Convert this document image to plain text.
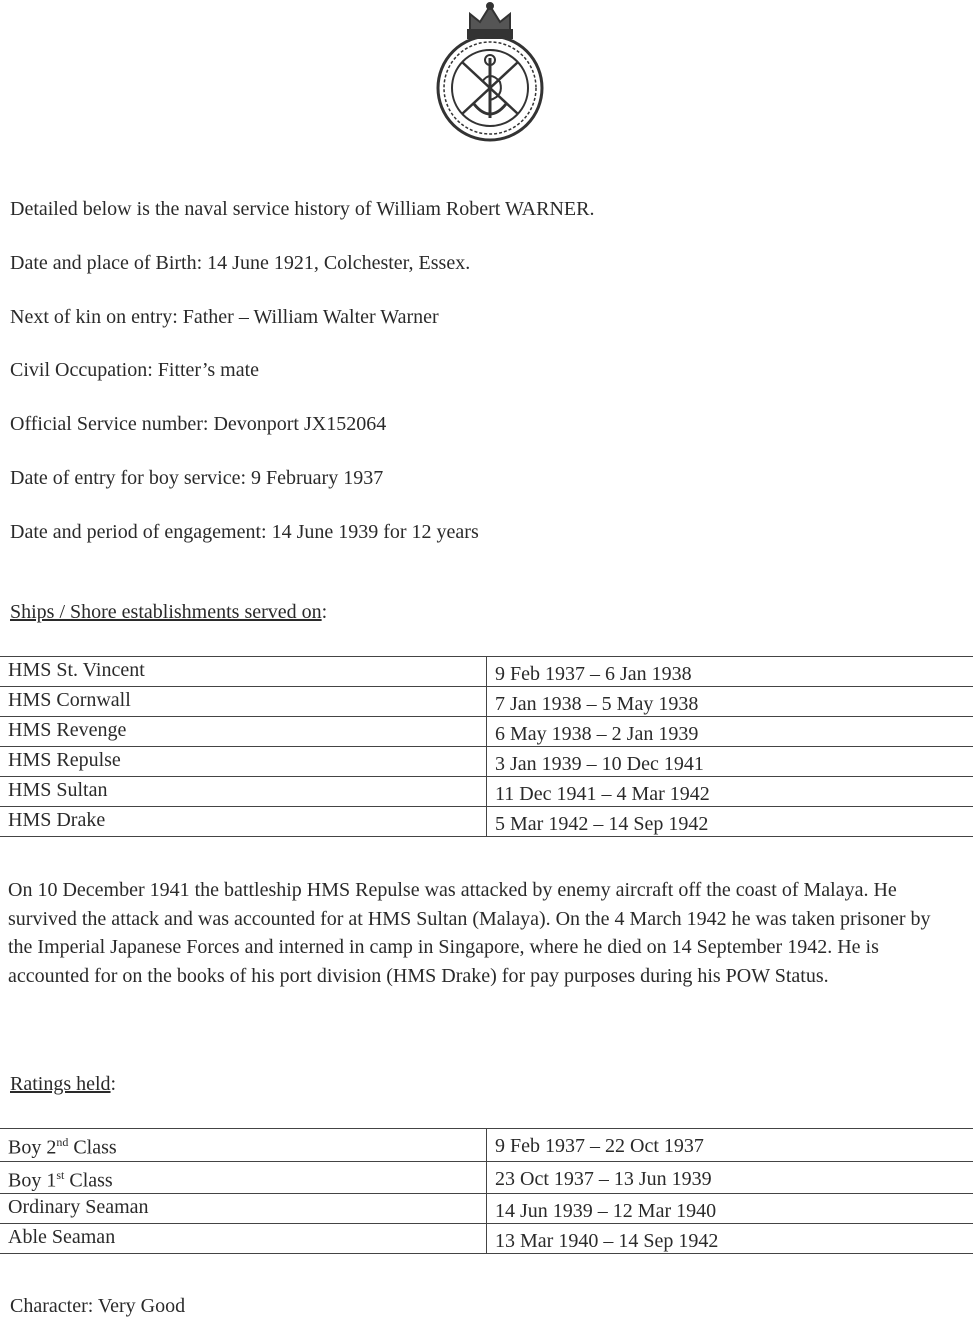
Detailed below is the naval service history of William Robert WARNER.
Date and place of Birth: 14 June 1921, Colchester, Essex.
Next of kin on entry: Father – William Walter Warner
Civil Occupation: Fitter’s mate
Official Service number: Devonport JX152064
Date of entry for boy service: 9 February 1937
Date and period of engagement: 14 June 1939 for 12 years
Ships / Shore establishments served on:
HMS St. Vincent	9 Feb 1937 – 6 Jan 1938
HMS Cornwall	7 Jan 1938 – 5 May 1938
HMS Revenge	6 May 1938 – 2 Jan 1939
HMS Repulse	3 Jan 1939 – 10 Dec 1941
HMS Sultan	11 Dec 1941 – 4 Mar 1942
HMS Drake	5 Mar 1942 – 14 Sep 1942
On 10 December 1941 the battleship HMS Repulse was attacked by enemy aircraft off the coast of Malaya. He survived the attack and was accounted for at HMS Sultan (Malaya). On the 4 March 1942 he was taken prisoner by the Imperial Japanese Forces and interned in camp in Singapore, where he died on 14 September 1942. He is accounted for on the books of his port division (HMS Drake) for pay purposes during his POW Status.
Ratings held:
Boy 2nd Class	9 Feb 1937 – 22 Oct 1937
Boy 1st Class	23 Oct 1937 – 13 Jun 1939
Ordinary Seaman	14 Jun 1939 – 12 Mar 1940
Able Seaman	13 Mar 1940 – 14 Sep 1942
Character: Very Good
